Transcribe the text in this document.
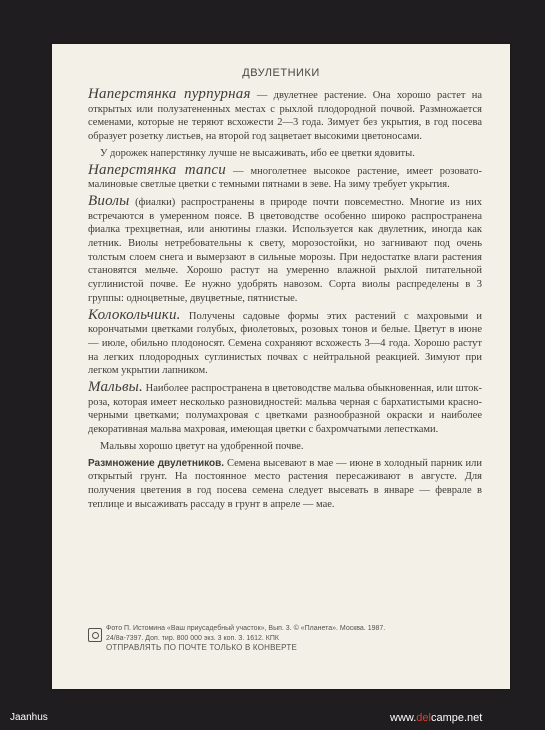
ДВУЛЕТНИКИ
Наперстянка пурпурная — двулетнее растение. Она хорошо растет на открытых или полузатененных местах с рыхлой плодородной почвой. Размножается семенами, которые не теряют всхожести 2—3 года. Зимует без укрытия, в год посева образует розетку листьев, на второй год зацветает высокими цветоносами.
У дорожек наперстянку лучше не высаживать, ибо ее цветки ядовиты.
Наперстянка тапси — многолетнее высокое растение, имеет розовато-малиновые светлые цветки с темными пятнами в зеве. На зиму требует укрытия.
Виолы (фиалки) распространены в природе почти повсеместно. Многие из них встречаются в умеренном поясе. В цветоводстве особенно широко распространена фиалка трехцветная, или анютины глазки. Используется как двулетник, иногда как летник. Виолы нетребовательны к свету, морозостойки, но загнивают под очень толстым слоем снега и вымерзают в сильные морозы. При недостатке влаги растения становятся мельче. Хорошо растут на умеренно влажной рыхлой питательной суглинистой почве. Ее нужно удобрять навозом. Сорта виолы распределены в 3 группы: одноцветные, двуцветные, пятнистые.
Колокольчики. Получены садовые формы этих растений с махровыми и корончатыми цветками голубых, фиолетовых, розовых тонов и белые. Цветут в июне — июле, обильно плодоносят. Семена сохраняют всхожесть 3—4 года. Хорошо растут на легких плодородных суглинистых почвах с нейтральной реакцией. Зимуют при легком укрытии лапником.
Мальвы. Наиболее распространена в цветоводстве мальва обыкновенная, или шток-роза, которая имеет несколько разновидностей: мальва черная с бархатистыми красно-черными цветками; полумахровая с цветками разнообразной окраски и наиболее декоративная мальва махровая, имеющая цветки с бахромчатыми лепестками.
Мальвы хорошо цветут на удобренной почве.
Размножение двулетников. Семена высевают в мае — июне в холодный парник или открытый грунт. На постоянное место растения пересаживают в августе. Для получения цветения в год посева семена следует высевать в январе — феврале в теплице и высаживать рассаду в грунт в апреле — мае.
Фото П. Истомина «Ваш приусадебный участок», Вып. 3. © «Планета». Москва. 1987.
24/8а-7397. Доп. тир. 800 000 экз. 3 коп. З. 1612. КПК
ОТПРАВЛЯТЬ ПО ПОЧТЕ ТОЛЬКО В КОНВЕРТЕ
Jaanhus	www.delcampe.net
